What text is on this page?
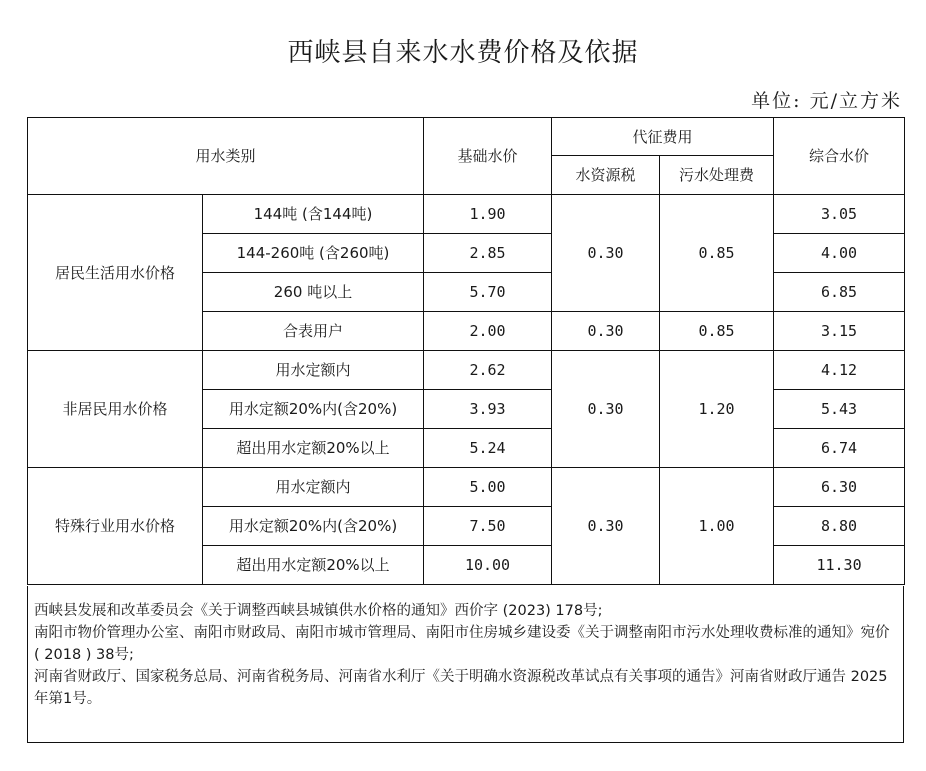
西峡县自来水水费价格及依据
单位: 元/立方米
用水类别		基础水价	代征费用		综合水价
			水资源税	污水处理费	
居民生活用水价格	144吨 (含144吨)	1.90	0.30	0.85	3.05
	144-260吨 (含260吨)	2.85			4.00
	260 吨以上	5.70			6.85
	合表用户	2.00	0.30	0.85	3.15
非居民用水价格	用水定额内	2.62	0.30	1.20	4.12
	用水定额20%内(含20%)	3.93			5.43
	超出用水定额20%以上	5.24			6.74
特殊行业用水价格	用水定额内	5.00	0.30	1.00	6.30
	用水定额20%内(含20%)	7.50			8.80
	超出用水定额20%以上	10.00			11.30

西峡县发展和改革委员会《关于调整西峡县城镇供水价格的通知》西价字 (2023) 178号;

南阳市物价管理办公室、南阳市财政局、南阳市城市管理局、南阳市住房城乡建设委《关于调整南阳市污水处理收费标准的通知》宛价 ( 2018 ) 38号;

河南省财政厅、国家税务总局、河南省税务局、河南省水利厅《关于明确水资源税改革试点有关事项的通告》河南省财政厅通告 2025年第1号。
